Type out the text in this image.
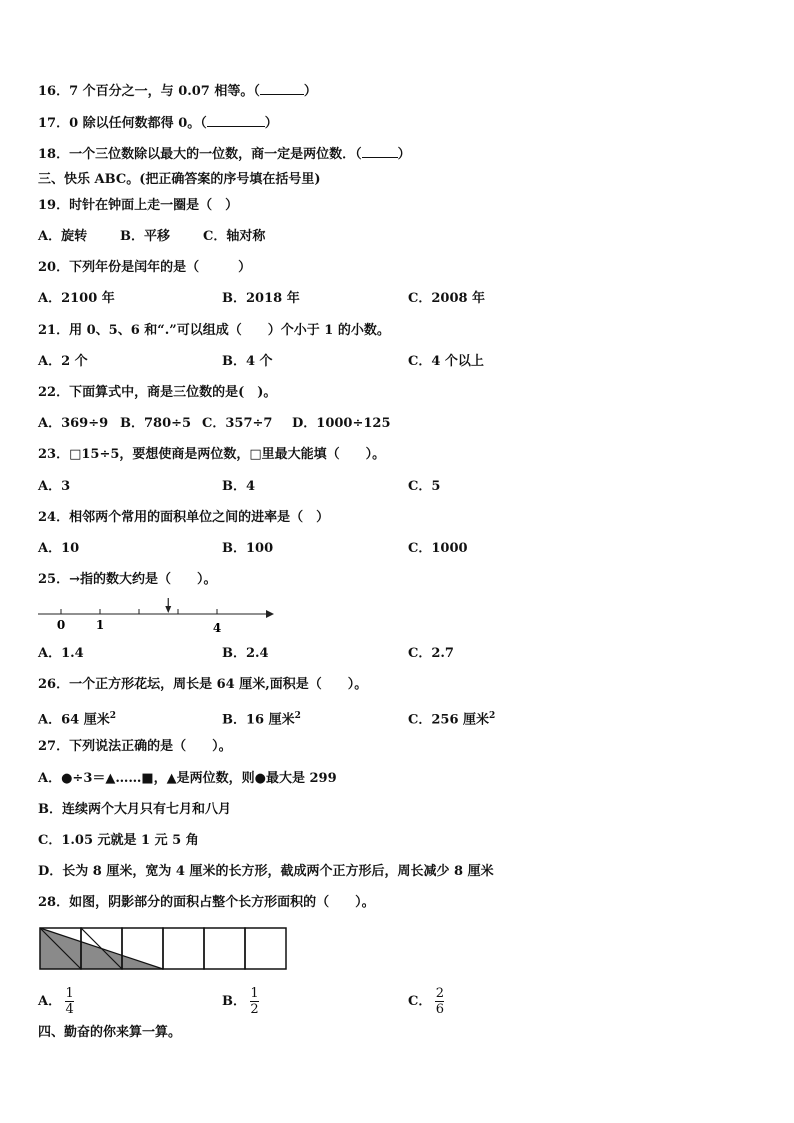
16．7 个百分之一，与 0.07 相等。（	）
17．0 除以任何数都得 0。（	）
18．一个三位数除以最大的一位数，商一定是两位数．（	）
三、快乐 ABC。(把正确答案的序号填在括号里)
19．时针在钟面上走一圈是（　）
A．旋转	B．平移	C．轴对称
20．下列年份是闰年的是（　　　）
A．2100 年	B．2018 年	C．2008 年
21．用 0、5、6 和“.”可以组成（　　）个小于 1 的小数。
A．2 个	B．4 个	C．4 个以上
22．下面算式中，商是三位数的是(　)。
A．369÷9 B．780÷5 C．357÷7 D．1000÷125
23．□15÷5，要想使商是两位数，□里最大能填（　　）。
A．3	B．4	C．5
24．相邻两个常用的面积单位之间的进率是（　）
A．10	B．100	C．1000
25．→指的数大约是（　　）。
0	1	4
A．1.4	B．2.4	C．2.7
26．一个正方形花坛，周长是 64 厘米,面积是（　　）。
A．64 厘米$^2$	B．16 厘米$^2$	C．256 厘米$^2$
27．下列说法正确的是（　　）。
A．●÷3＝▲……■，▲是两位数，则●最大是 299
B．连续两个大月只有七月和八月
C．1.05 元就是 1 元 5 角
D．长为 8 厘米，宽为 4 厘米的长方形，截成两个正方形后，周长减少 8 厘米
28．如图，阴影部分的面积占整个长方形面积的（　　）。
A． $\frac{1}{4}$	B． $\frac{1}{2}$	C． $\frac{2}{6}$
四、勤奋的你来算一算。
